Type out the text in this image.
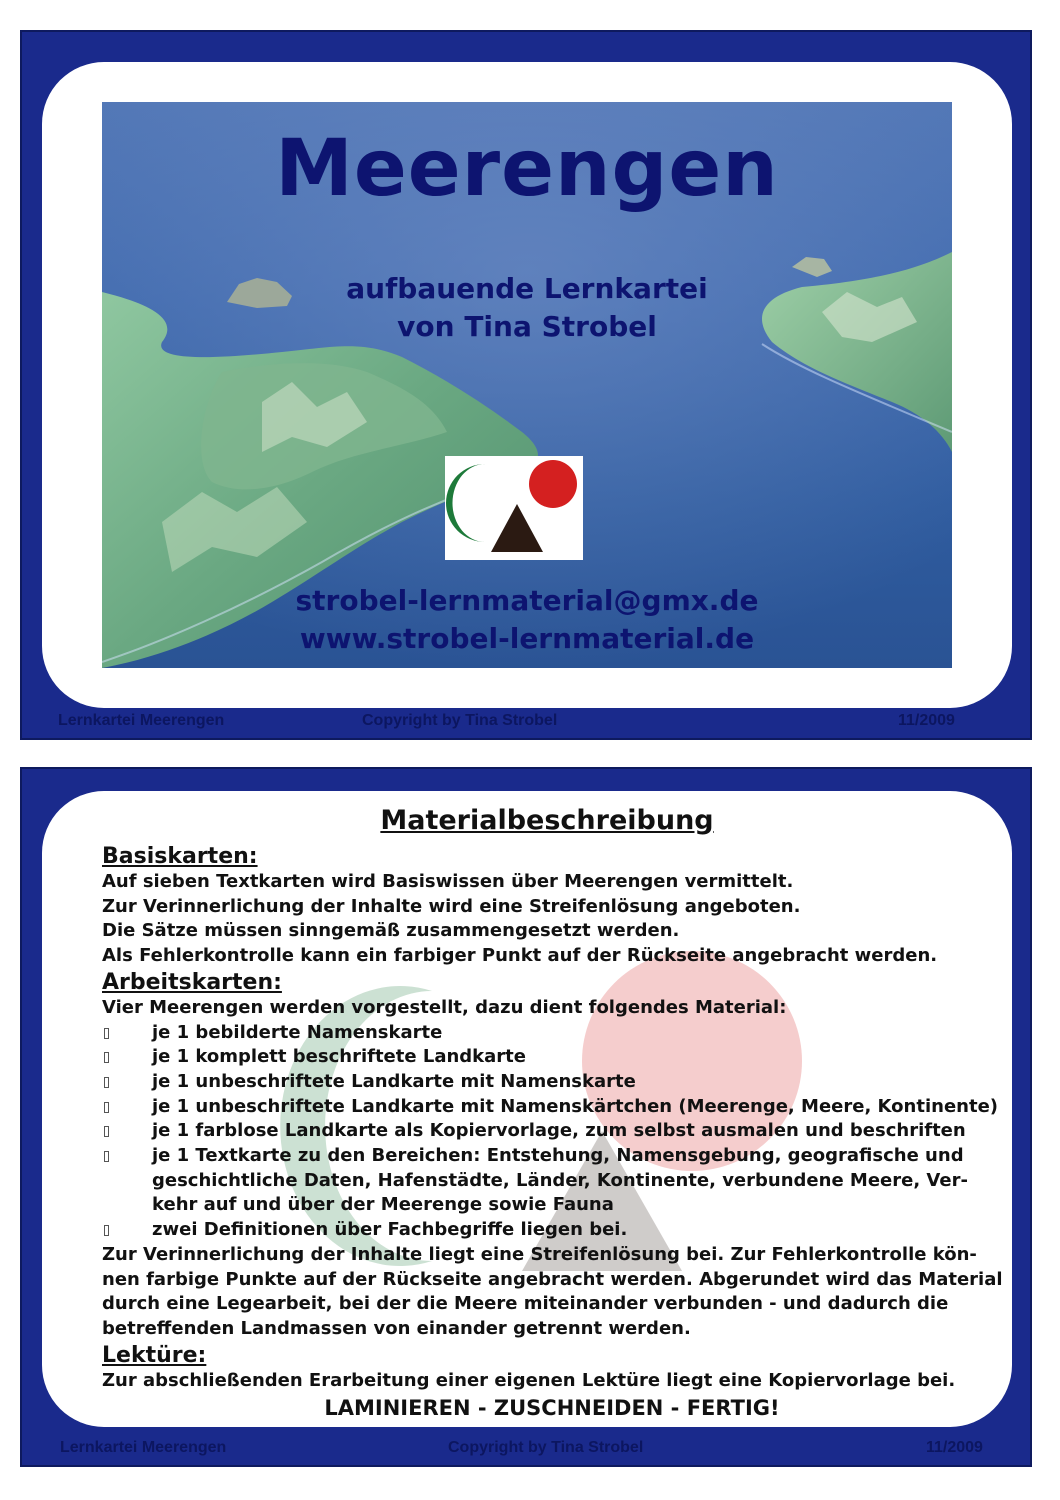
Meerengen
aufbauende Lernkartei
von Tina Strobel
strobel-lernmaterial@gmx.de
www.strobel-lernmaterial.de
Lernkartei Meerengen	Copyright by Tina Strobel	11/2009
Materialbeschreibung
Basiskarten:
Auf sieben Textkarten wird Basiswissen über Meerengen vermittelt.
Zur Verinnerlichung der Inhalte wird eine Streifenlösung angeboten.
Die Sätze müssen sinngemäß zusammengesetzt werden.
Als Fehlerkontrolle kann ein farbiger Punkt auf der Rückseite angebracht werden.
Arbeitskarten:
Vier Meerengen werden vorgestellt, dazu dient folgendes Material:
je 1 bebilderte Namenskarte
je 1 komplett beschriftete Landkarte
je 1 unbeschriftete Landkarte mit Namenskarte
je 1 unbeschriftete Landkarte mit Namenskärtchen (Meerenge, Meere, Kontinente)
je 1 farblose Landkarte als Kopiervorlage, zum selbst ausmalen und beschriften
je 1 Textkarte zu den Bereichen: Entstehung, Namensgebung, geografische und
geschichtliche Daten, Hafenstädte, Länder, Kontinente, verbundene Meere, Ver-
kehr auf und über der Meerenge sowie Fauna
zwei Definitionen über Fachbegriffe liegen bei.
Zur Verinnerlichung der Inhalte liegt eine Streifenlösung bei. Zur Fehlerkontrolle kön-
nen farbige Punkte auf der Rückseite angebracht werden. Abgerundet wird das Material
durch eine Legearbeit, bei der die Meere miteinander verbunden - und dadurch die
betreffenden Landmassen von einander getrennt werden.
Lektüre:
Zur abschließenden Erarbeitung einer eigenen Lektüre liegt eine Kopiervorlage bei.
LAMINIEREN - ZUSCHNEIDEN - FERTIG!
Lernkartei Meerengen	Copyright by Tina Strobel	11/2009
